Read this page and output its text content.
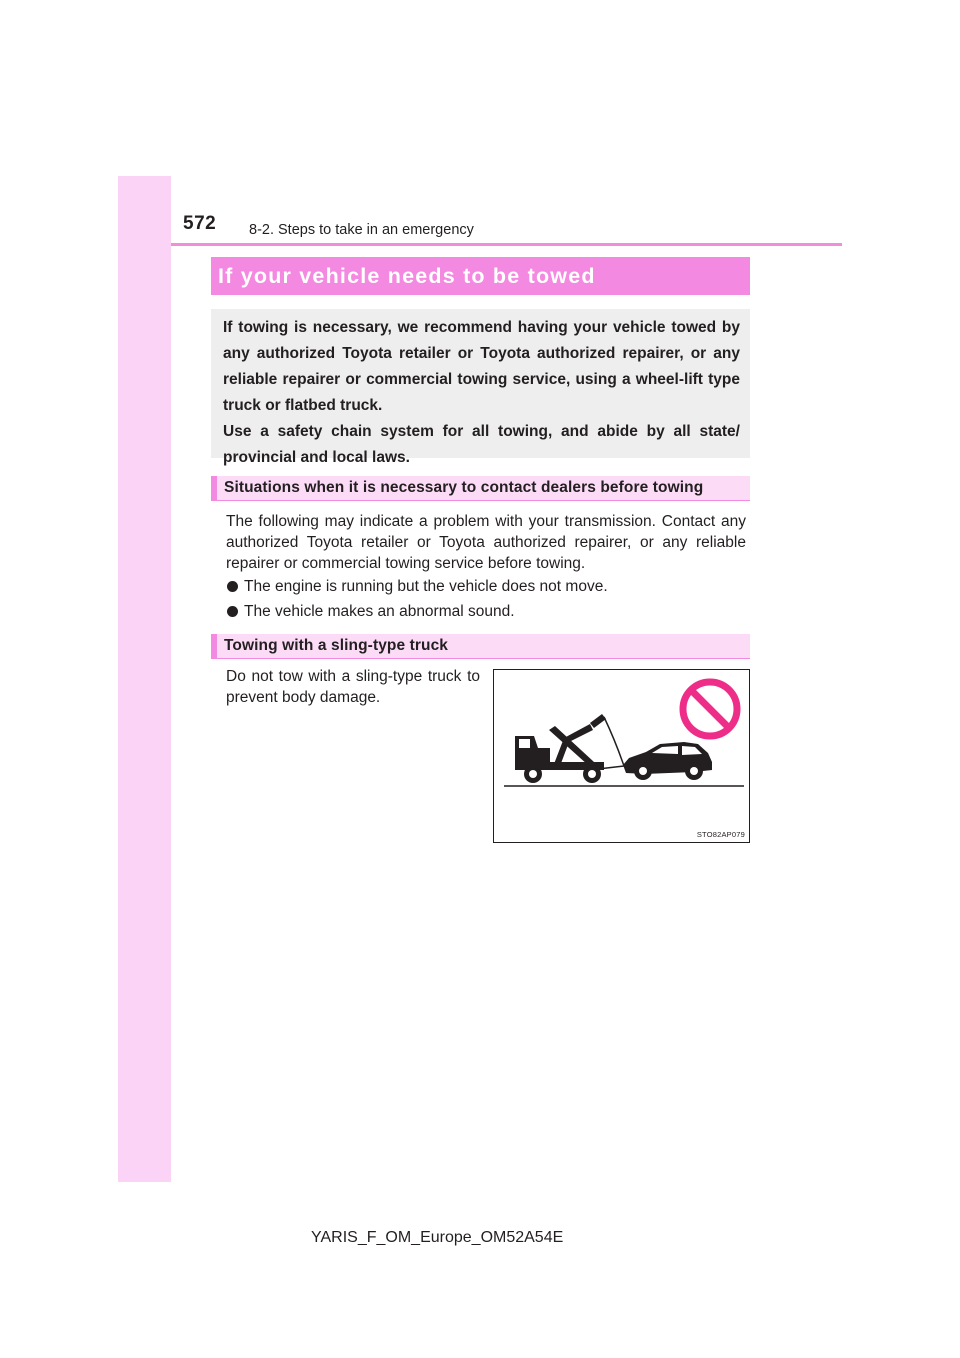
572 8-2. Steps to take in an emergency
If your vehicle needs to be towed

If towing is necessary, we recommend having your vehicle towed by any authorized Toyota retailer or Toyota authorized repairer, or any reliable repairer or commercial towing service, using a wheel-lift type truck or flatbed truck.

Use a safety chain system for all towing, and abide by all state/ provincial and local laws.

Situations when it is necessary to contact dealers before towing

The following may indicate a problem with your transmission. Contact any authorized Toyota retailer or Toyota authorized repairer, or any reliable repairer or commercial towing service before towing.

The engine is running but the vehicle does not move.
The vehicle makes an abnormal sound.
Towing with a sling-type truck

Do not tow with a sling-type truck to prevent body damage.

STO82AP079
YARIS_F_OM_Europe_OM52A54E
